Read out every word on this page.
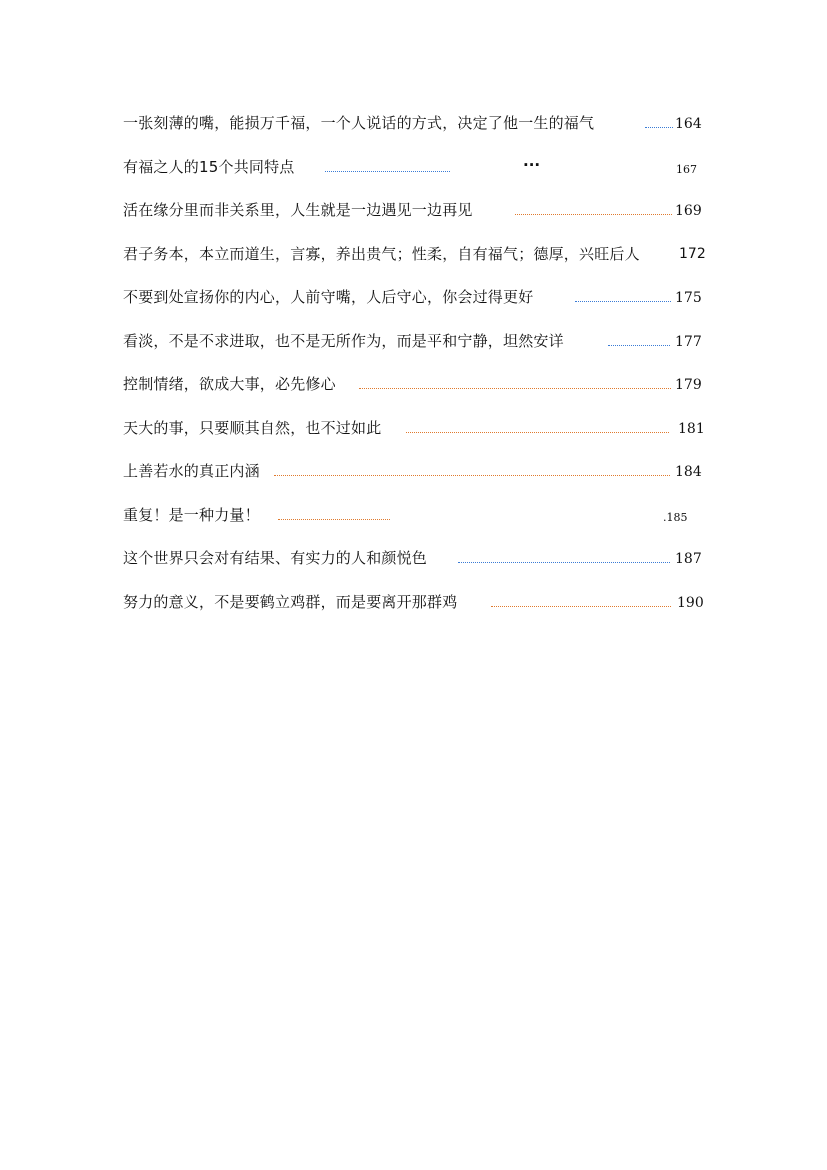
一张刻薄的嘴，能损万千福，一个人说话的方式，决定了他一生的福气	164
有福之人的15个共同特点	···	167
活在缘分里而非关系里，人生就是一边遇见一边再见	169
君子务本，本立而道生，言寡，养出贵气；性柔，自有福气；德厚，兴旺后人	172
不要到处宣扬你的内心，人前守嘴，人后守心，你会过得更好	175
看淡，不是不求进取，也不是无所作为，而是平和宁静，坦然安详	177
控制情绪，欲成大事，必先修心	179
天大的事，只要顺其自然，也不过如此	181
上善若水的真正内涵	184
重复！是一种力量！	.185
这个世界只会对有结果、有实力的人和颜悦色	187
努力的意义，不是要鹤立鸡群，而是要离开那群鸡	190
